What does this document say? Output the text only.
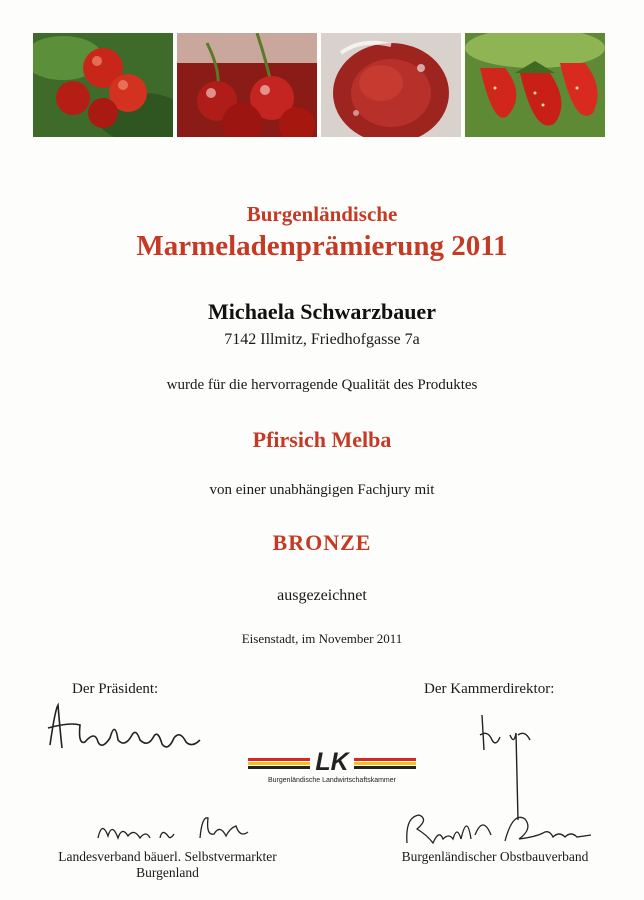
Burgenländische
Marmeladenprämierung 2011
Michaela Schwarzbauer
7142 Illmitz, Friedhofgasse 7a
wurde für die hervorragende Qualität des Produktes
Pfirsich Melba
von einer unabhängigen Fachjury mit
BRONZE
ausgezeichnet
Eisenstadt, im November 2011
Der Präsident:	Der Kammerdirektor:
LK
Burgenländische Landwirtschaftskammer
Landesverband bäuerl. Selbstvermarkter
Burgenland
Burgenländischer Obstbauverband
